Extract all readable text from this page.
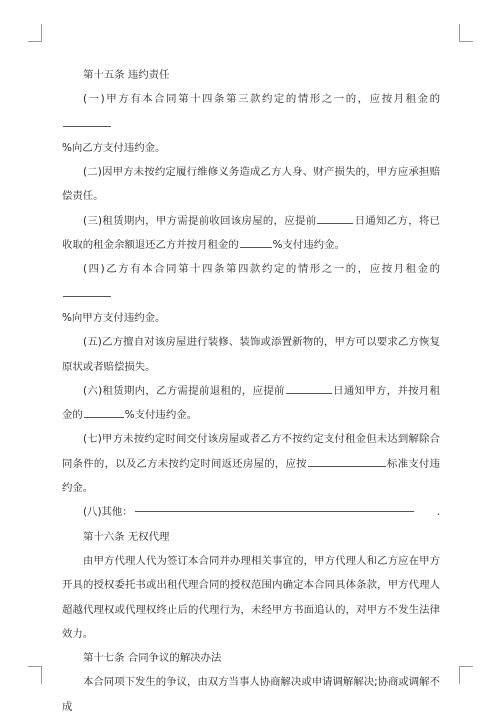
第十五条 违约责任

(一)甲方有本合同第十四条第三款约定的情形之一的，应按月租金的
%向乙方支付违约金。

(二)因甲方未按约定履行维修义务造成乙方人身、财产损失的，甲方应承担赔偿责任。

(三)租赁期内，甲方需提前收回该房屋的，应提前	日通知乙方，将已收取的租金余额退还乙方并按月租金的	%支付违约金。

(四)乙方有本合同第十四条第四款约定的情形之一的，应按月租金的
%向甲方支付违约金。

(五)乙方擅自对该房屋进行装修、装饰或添置新物的，甲方可以要求乙方恢复原状或者赔偿损失。

(六)租赁期内，乙方需提前退租的，应提前	日通知甲方，并按月租金的	%支付违约金。

(七)甲方未按约定时间交付该房屋或者乙方不按约定支付租金但未达到解除合同条件的，以及乙方未按约定时间返还房屋的，应按	标准支付违约金。

(八)其他：	.

第十六条 无权代理

由甲方代理人代为签订本合同并办理相关事宜的，甲方代理人和乙方应在甲方开具的授权委托书或出租代理合同的授权范围内确定本合同具体条款，甲方代理人超越代理权或代理权终止后的代理行为，未经甲方书面追认的，对甲方不发生法律效力。

第十七条 合同争议的解决办法

本合同项下发生的争议，由双方当事人协商解决或申请调解解决;协商或调解不成
